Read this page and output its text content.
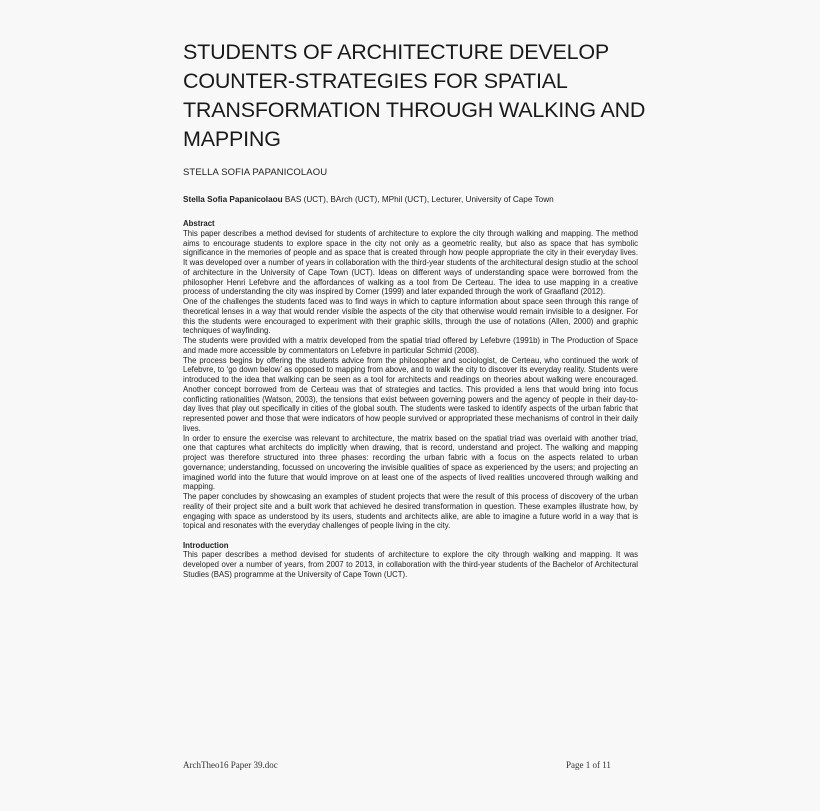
STUDENTS OF ARCHITECTURE DEVELOP COUNTER-STRATEGIES FOR SPATIAL TRANSFORMATION THROUGH WALKING AND MAPPING
STELLA SOFIA PAPANICOLAOU
Stella Sofia Papanicolaou BAS (UCT), BArch (UCT), MPhil (UCT), Lecturer, University of Cape Town
Abstract

This paper describes a method devised for students of architecture to explore the city through walking and mapping. The method aims to encourage students to explore space in the city not only as a geometric reality, but also as space that has symbolic significance in the memories of people and as space that is created through how people appropriate the city in their everyday lives. It was developed over a number of years in collaboration with the third-year students of the architectural design studio at the school of architecture in the University of Cape Town (UCT). Ideas on different ways of understanding space were borrowed from the philosopher Henri Lefebvre and the affordances of walking as a tool from De Certeau. The idea to use mapping in a creative process of understanding the city was inspired by Corner (1999) and later expanded through the work of Graafland (2012).

One of the challenges the students faced was to find ways in which to capture information about space seen through this range of theoretical lenses in a way that would render visible the aspects of the city that otherwise would remain invisible to a designer. For this the students were encouraged to experiment with their graphic skills, through the use of notations (Allen, 2000) and graphic techniques of wayfinding.

The students were provided with a matrix developed from the spatial triad offered by Lefebvre (1991b) in The Production of Space and made more accessible by commentators on Lefebvre in particular Schmid (2008).

The process begins by offering the students advice from the philosopher and sociologist, de Certeau, who continued the work of Lefebvre, to ‘go down below’ as opposed to mapping from above, and to walk the city to discover its everyday reality. Students were introduced to the idea that walking can be seen as a tool for architects and readings on theories about walking were encouraged. Another concept borrowed from de Certeau was that of strategies and tactics. This provided a lens that would bring into focus conflicting rationalities (Watson, 2003), the tensions that exist between governing powers and the agency of people in their day-to-day lives that play out specifically in cities of the global south. The students were tasked to identify aspects of the urban fabric that represented power and those that were indicators of how people survived or appropriated these mechanisms of control in their daily lives.

In order to ensure the exercise was relevant to architecture, the matrix based on the spatial triad was overlaid with another triad, one that captures what architects do implicitly when drawing, that is record, understand and project. The walking and mapping project was therefore structured into three phases: recording the urban fabric with a focus on the aspects related to urban governance; understanding, focussed on uncovering the invisible qualities of space as experienced by the users; and projecting an imagined world into the future that would improve on at least one of the aspects of lived realities uncovered through walking and mapping.

The paper concludes by showcasing an examples of student projects that were the result of this process of discovery of the urban reality of their project site and a built work that achieved he desired transformation in question. These examples illustrate how, by engaging with space as understood by its users, students and architects alike, are able to imagine a future world in a way that is topical and resonates with the everyday challenges of people living in the city.

Introduction

This paper describes a method devised for students of architecture to explore the city through walking and mapping. It was developed over a number of years, from 2007 to 2013, in collaboration with the third-year students of the Bachelor of Architectural Studies (BAS) programme at the University of Cape Town (UCT).

ArchTheo16 Paper 39.doc	Page 1 of 11
